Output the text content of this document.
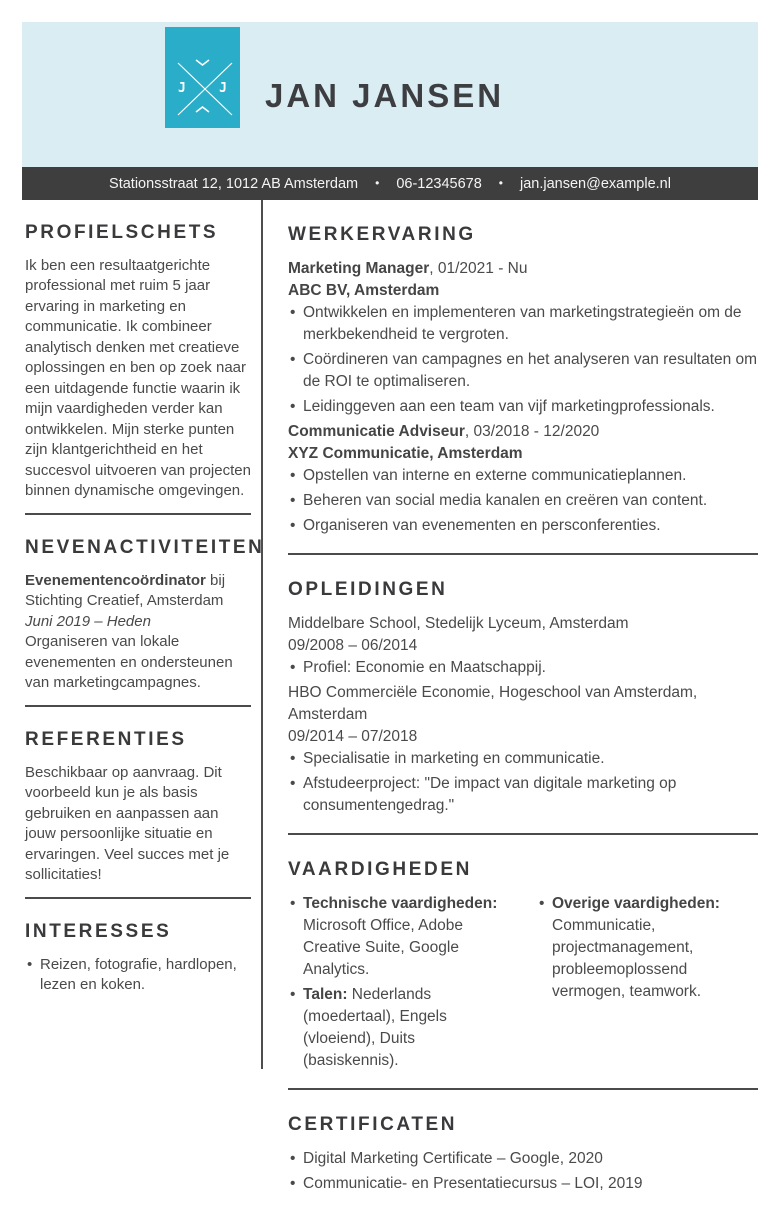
J	J JAN JANSEN
Stationsstraat 12, 1012 AB Amsterdam • 06-12345678 • jan.jansen@example.nl
PROFIELSCHETS

Ik ben een resultaatgerichte professional met ruim 5 jaar ervaring in marketing en communicatie. Ik combineer analytisch denken met creatieve oplossingen en ben op zoek naar een uitdagende functie waarin ik mijn vaardigheden verder kan ontwikkelen. Mijn sterke punten zijn klantgerichtheid en het succesvol uitvoeren van projecten binnen dynamische omgevingen.

NEVENACTIVITEITEN

Evenementencoördinator bij Stichting Creatief, Amsterdam

Juni 2019 – Heden

Organiseren van lokale evenementen en ondersteunen van marketingcampagnes.

REFERENTIES

Beschikbaar op aanvraag. Dit voorbeeld kun je als basis gebruiken en aanpassen aan jouw persoonlijke situatie en ervaringen. Veel succes met je sollicitaties!

INTERESSES
• Reizen, fotografie, hardlopen, lezen en koken.
WERKERVARING

Marketing Manager, 01/2021 - Nu

ABC BV, Amsterdam

• Ontwikkelen en implementeren van marketingstrategieën om de merkbekendheid te vergroten.
• Coördineren van campagnes en het analyseren van resultaten om de ROI te optimaliseren.
• Leidinggeven aan een team van vijf marketingprofessionals.

Communicatie Adviseur, 03/2018 - 12/2020

XYZ Communicatie, Amsterdam

• Opstellen van interne en externe communicatieplannen.
• Beheren van social media kanalen en creëren van content.
• Organiseren van evenementen en persconferenties.
OPLEIDINGEN

Middelbare School, Stedelijk Lyceum, Amsterdam

09/2008 – 06/2014

• Profiel: Economie en Maatschappij.

HBO Commerciële Economie, Hogeschool van Amsterdam, Amsterdam

09/2014 – 07/2018

• Specialisatie in marketing en communicatie.
• Afstudeerproject: "De impact van digitale marketing op consumentengedrag."
VAARDIGHEDEN
• Technische vaardigheden: Microsoft Office, Adobe Creative Suite, Google Analytics.
• Talen: Nederlands (moedertaal), Engels (vloeiend), Duits (basiskennis).
• Overige vaardigheden: Communicatie, projectmanagement, probleemoplossend vermogen, teamwork.
CERTIFICATEN
• Digital Marketing Certificate – Google, 2020
• Communicatie- en Presentatiecursus – LOI, 2019
